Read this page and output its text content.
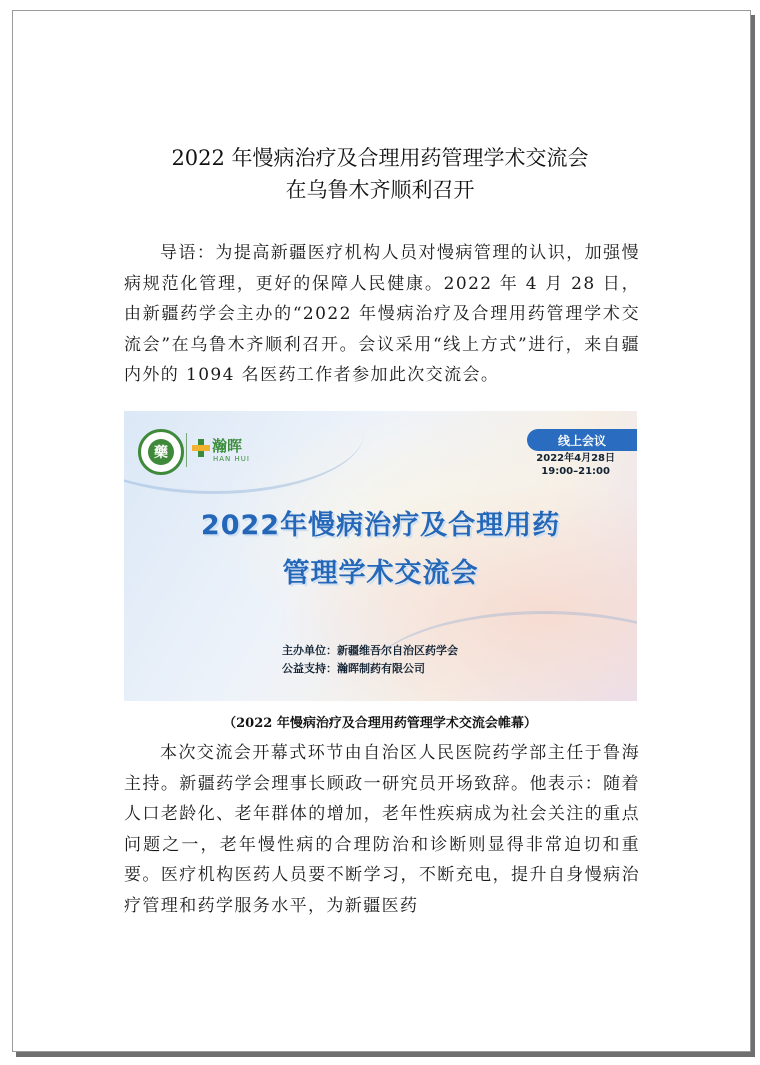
2022 年慢病治疗及合理用药管理学术交流会
在乌鲁木齐顺利召开
导语：为提高新疆医疗机构人员对慢病管理的认识，加强慢病规范化管理，更好的保障人民健康。2022 年 4 月 28 日，由新疆药学会主办的“2022 年慢病治疗及合理用药管理学术交流会”在乌鲁木齐顺利召开。会议采用“线上方式”进行，来自疆内外的 1094 名医药工作者参加此次交流会。
藥	瀚晖
HAN HUI
线上会议
2022年4月28日
19:00–21:00
2022年慢病治疗及合理用药
管理学术交流会
主办单位：新疆维吾尔自治区药学会
公益支持：瀚晖制药有限公司
（2022 年慢病治疗及合理用药管理学术交流会帷幕）
本次交流会开幕式环节由自治区人民医院药学部主任于鲁海主持。新疆药学会理事长顾政一研究员开场致辞。他表示：随着人口老龄化、老年群体的增加，老年性疾病成为社会关注的重点问题之一，老年慢性病的合理防治和诊断则显得非常迫切和重要。医疗机构医药人员要不断学习，不断充电，提升自身慢病治疗管理和药学服务水平，为新疆医药
